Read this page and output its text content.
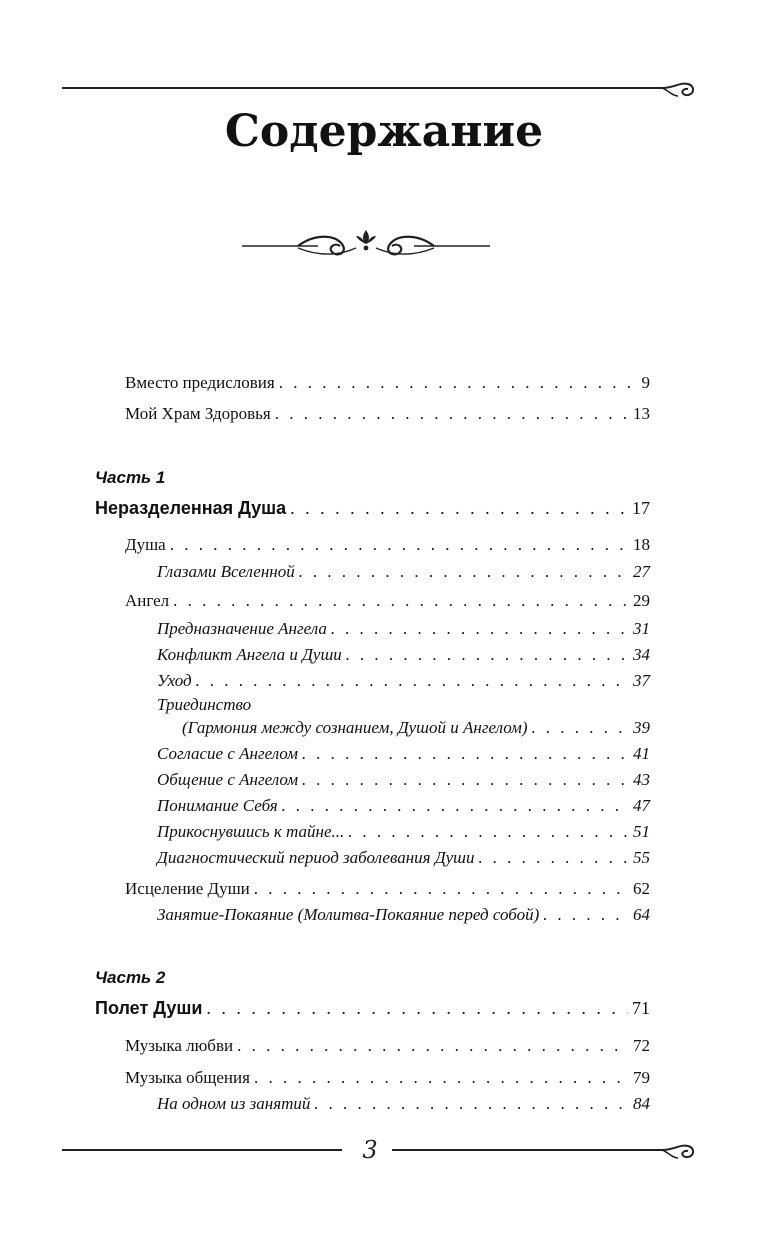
Содержание
Вместо предисловия . . .	9
Мой Храм Здоровья . . .	13
Часть 1
Неразделенная Душа . . .	17
Душа . . .	18
Глазами Вселенной . . .	27
Ангел . . .	29
Предназначение Ангела . . .	31
Конфликт Ангела и Души . . .	34
Уход . . .	37
Триединство
(Гармония между сознанием, Душой и Ангелом) . . .	39
Согласие с Ангелом . . .	41
Общение с Ангелом . . .	43
Понимание Себя . . .	47
Прикоснувшись к тайне... . . .	51
Диагностический период заболевания Души . . .	55
Исцеление Души . . .	62
Занятие-Покаяние (Молитва-Покаяние перед собой) . . .	64
Часть 2
Полет Души . . .	71
Музыка любви . . .	72
Музыка общения . . .	79
На одном из занятий . . .	84
3
